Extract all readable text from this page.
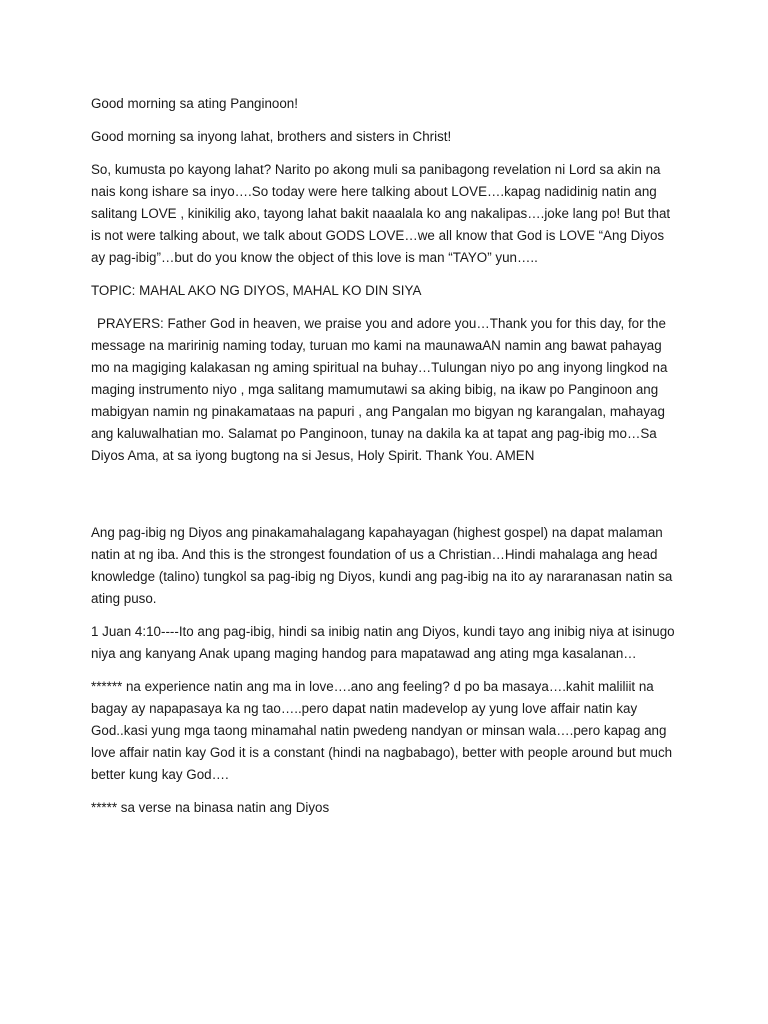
Good morning sa ating Panginoon!

Good morning sa inyong lahat, brothers and sisters in Christ!

So, kumusta po kayong lahat? Narito po akong muli sa panibagong revelation ni Lord sa akin na nais kong ishare sa inyo….So today were here talking about LOVE….kapag nadidinig natin ang salitang LOVE , kinikilig ako, tayong lahat bakit naaalala ko ang nakalipas….joke lang po! But that is not were talking about, we talk about GODS LOVE…we all know that God is LOVE “Ang Diyos ay pag-ibig”…but do you know the object of this love is man “TAYO” yun…..

TOPIC: MAHAL AKO NG DIYOS, MAHAL KO DIN SIYA

PRAYERS: Father God in heaven, we praise you and adore you…Thank you for this day, for the message na maririnig naming today, turuan mo kami na maunawaAN namin ang bawat pahayag mo na magiging kalakasan ng aming spiritual na buhay…Tulungan niyo po ang inyong lingkod na maging instrumento niyo , mga salitang mamumutawi sa aking bibig, na ikaw po Panginoon ang mabigyan namin ng pinakamataas na papuri , ang Pangalan mo bigyan ng karangalan, mahayag ang kaluwalhatian mo. Salamat po Panginoon, tunay na dakila ka at tapat ang pag-ibig mo…Sa Diyos Ama, at sa iyong bugtong na si Jesus, Holy Spirit. Thank You. AMEN

Ang pag-ibig ng Diyos ang pinakamahalagang kapahayagan (highest gospel) na dapat malaman natin at ng iba. And this is the strongest foundation of us a Christian…Hindi mahalaga ang head knowledge (talino) tungkol sa pag-ibig ng Diyos, kundi ang pag-ibig na ito ay nararanasan natin sa ating puso.

1 Juan 4:10----Ito ang pag-ibig, hindi sa inibig natin ang Diyos, kundi tayo ang inibig niya at isinugo niya ang kanyang Anak upang maging handog para mapatawad ang ating mga kasalanan…

****** na experience natin ang ma in love….ano ang feeling? d po ba masaya….kahit maliliit na bagay ay napapasaya ka ng tao…..pero dapat natin madevelop ay yung love affair natin kay God..kasi yung mga taong minamahal natin pwedeng nandyan or minsan wala….pero kapag ang love affair natin kay God it is a constant (hindi na nagbabago), better with people around but much better kung kay God….

***** sa verse na binasa natin ang Diyos
